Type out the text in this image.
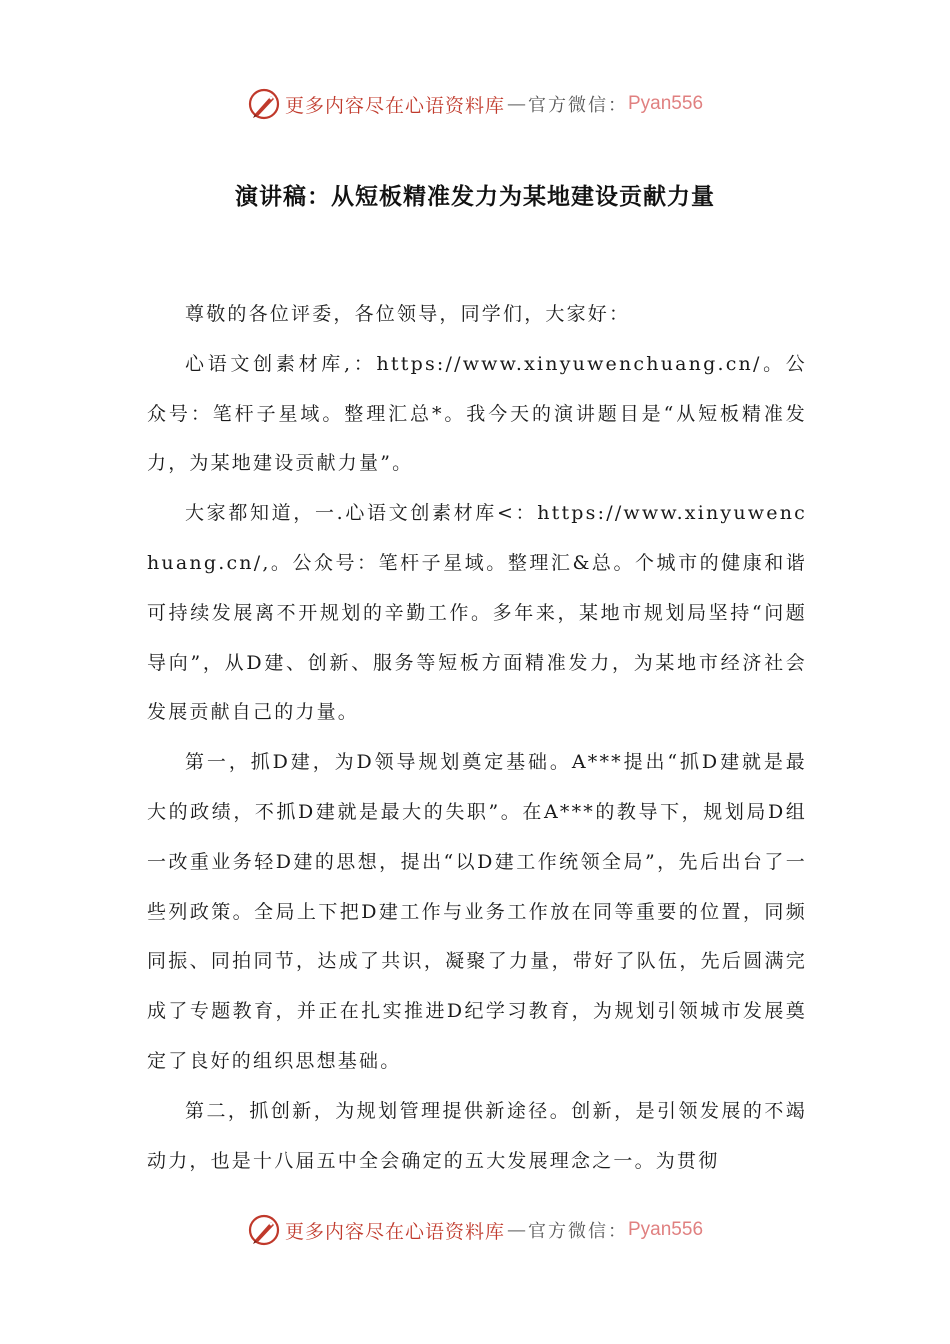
更多内容尽在心语资料库 — 官方微信： Pyan556
演讲稿：从短板精准发力为某地建设贡献力量

尊敬的各位评委，各位领导，同学们，大家好：

心语文创素材库,：https://www.xinyuwenchuang.cn/。公众号：笔杆子星域。整理汇总*。我今天的演讲题目是“从短板精准发力，为某地建设贡献力量”。

大家都知道，一.心语文创素材库<：https://www.xinyuwenchuang.cn/,。公众号：笔杆子星域。整理汇&总。个城市的健康和谐可持续发展离不开规划的辛勤工作。多年来，某地市规划局坚持“问题导向”，从D建、创新、服务等短板方面精准发力，为某地市经济社会发展贡献自己的力量。

第一，抓D建，为D领导规划奠定基础。A***提出“抓D建就是最大的政绩，不抓D建就是最大的失职”。在A***的教导下，规划局D组一改重业务轻D建的思想，提出“以D建工作统领全局”，先后出台了一些列政策。全局上下把D建工作与业务工作放在同等重要的位置，同频同振、同拍同节，达成了共识，凝聚了力量，带好了队伍，先后圆满完成了专题教育，并正在扎实推进D纪学习教育，为规划引领城市发展奠定了良好的组织思想基础。

第二，抓创新，为规划管理提供新途径。创新，是引领发展的不竭动力，也是十八届五中全会确定的五大发展理念之一。为贯彻

更多内容尽在心语资料库 — 官方微信： Pyan556
